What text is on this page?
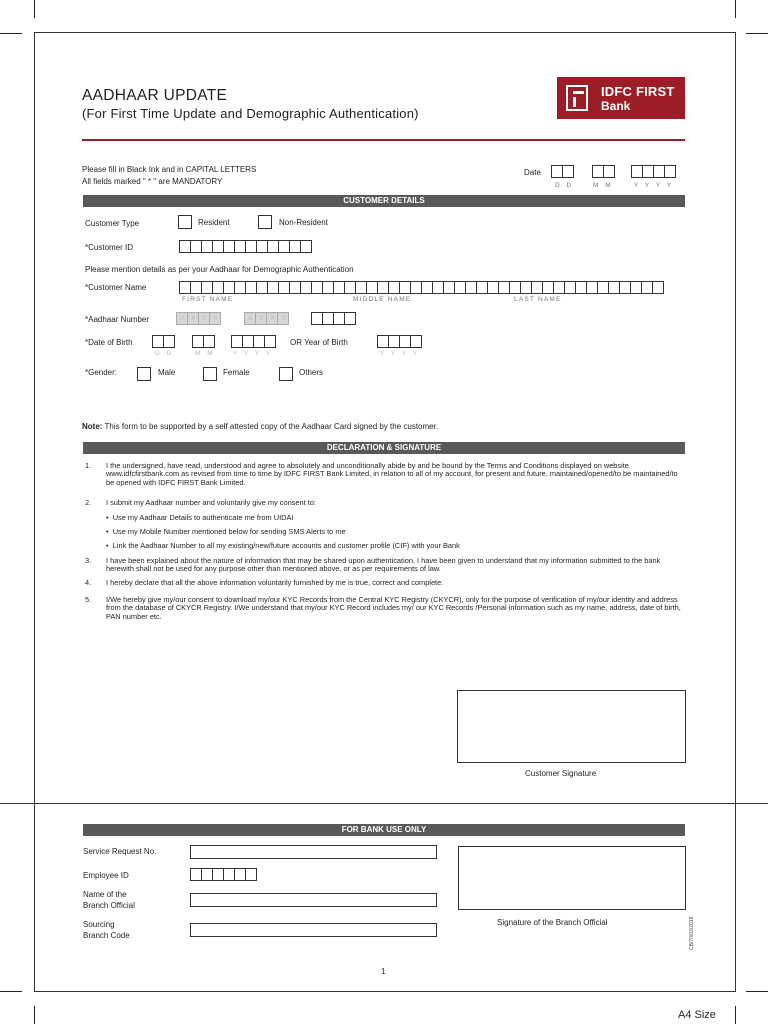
AADHAAR UPDATE
(For First Time Update and Demographic Authentication)
IDFC FIRST
Bank
Please fill in Black Ink and in CAPITAL LETTERS
All fields marked " * " are MANDATORY
Date
D D	M M	Y Y Y Y
CUSTOMER DETAILS
Customer Type	Resident	Non-Resident
*Customer ID
Please mention details as per your Aadhaar for Demographic Authentication
*Customer Name
FIRST NAME	MIDDLE NAME	LAST NAME
*Aadhaar Number	X X X X	X X X X
*Date of Birth
D D	M M	Y Y Y Y
OR Year of Birth
Y Y Y Y
*Gender:	Male	Female	Others
Note: This form to be supported by a self attested copy of the Aadhaar Card signed by the customer.
DECLARATION & SIGNATURE
1. I the undersigned, have read, understood and agree to absolutely and unconditionally abide by and be bound by the Terms and Conditions displayed on website www.idfcfirstbank.com as revised from time to time by IDFC FIRST Bank Limited, in relation to all of my account, for present and future, maintained/opened/to be maintained/to be opened with IDFC FIRST Bank Limited.
2. I submit my Aadhaar number and voluntarily give my consent to:
•  Use my Aadhaar Details to authenticate me from UIDAI
•  Use my Mobile Number mentioned below for sending SMS Alerts to me
•  Link the Aadhaar Number to all my existing/new/future accounts and customer profile (CIF) with your Bank
3. I have been explained about the nature of information that may be shared upon authentication. I have been given to understand that my information submitted to the bank herewith shall not be used for any purpose other than mentioned above, or as per requirements of law.
4. I hereby declare that all the above information voluntarily furnished by me is true, correct and complete.
5. I/We hereby give my/our consent to download my/our KYC Records from the Central KYC Registry (CKYCR), only for the purpose of verification of my/our identity and address from the database of CKYCR Registry. I/We understand that my/our KYC Record includes my/ our KYC Records /Personal information such as my name, address, date of birth, PAN number etc.
Customer Signature
FOR BANK USE ONLY
Service Request No.
Employee ID
Name of the
Branch Official
Sourcing
Branch Code
Signature of the Branch Official	CB/70/03/2019
1
A4 Size
